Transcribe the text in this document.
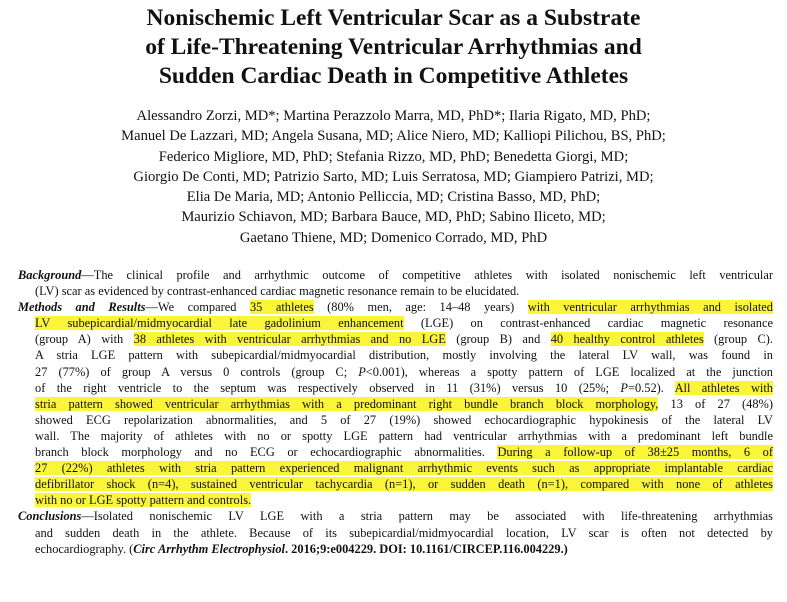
Nonischemic Left Ventricular Scar as a Substrate
of Life-Threatening Ventricular Arrhythmias and
Sudden Cardiac Death in Competitive Athletes
Alessandro Zorzi, MD*; Martina Perazzolo Marra, MD, PhD*; Ilaria Rigato, MD, PhD;
Manuel De Lazzari, MD; Angela Susana, MD; Alice Niero, MD; Kalliopi Pilichou, BS, PhD;
Federico Migliore, MD, PhD; Stefania Rizzo, MD, PhD; Benedetta Giorgi, MD;
Giorgio De Conti, MD; Patrizio Sarto, MD; Luis Serratosa, MD; Giampiero Patrizi, MD;
Elia De Maria, MD; Antonio Pelliccia, MD; Cristina Basso, MD, PhD;
Maurizio Schiavon, MD; Barbara Bauce, MD, PhD; Sabino Iliceto, MD;
Gaetano Thiene, MD; Domenico Corrado, MD, PhD
Background—The clinical profile and arrhythmic outcome of competitive athletes with isolated nonischemic left ventricular
(LV) scar as evidenced by contrast-enhanced cardiac magnetic resonance remain to be elucidated.
Methods and Results—We compared 35 athletes (80% men, age: 14–48 years) with ventricular arrhythmias and isolated
LV subepicardial/midmyocardial late gadolinium enhancement (LGE) on contrast-enhanced cardiac magnetic resonance
(group A) with 38 athletes with ventricular arrhythmias and no LGE (group B) and 40 healthy control athletes (group C).
A stria LGE pattern with subepicardial/midmyocardial distribution, mostly involving the lateral LV wall, was found in
27 (77%) of group A versus 0 controls (group C; P<0.001), whereas a spotty pattern of LGE localized at the junction
of the right ventricle to the septum was respectively observed in 11 (31%) versus 10 (25%; P=0.52). All athletes with
stria pattern showed ventricular arrhythmias with a predominant right bundle branch block morphology, 13 of 27 (48%)
showed ECG repolarization abnormalities, and 5 of 27 (19%) showed echocardiographic hypokinesis of the lateral LV
wall. The majority of athletes with no or spotty LGE pattern had ventricular arrhythmias with a predominant left bundle
branch block morphology and no ECG or echocardiographic abnormalities. During a follow-up of 38±25 months, 6 of
27 (22%) athletes with stria pattern experienced malignant arrhythmic events such as appropriate implantable cardiac
defibrillator shock (n=4), sustained ventricular tachycardia (n=1), or sudden death (n=1), compared with none of athletes
with no or LGE spotty pattern and controls.
Conclusions—Isolated nonischemic LV LGE with a stria pattern may be associated with life-threatening arrhythmias
and sudden death in the athlete. Because of its subepicardial/midmyocardial location, LV scar is often not detected by
echocardiography. (Circ Arrhythm Electrophysiol. 2016;9:e004229. DOI: 10.1161/CIRCEP.116.004229.)
